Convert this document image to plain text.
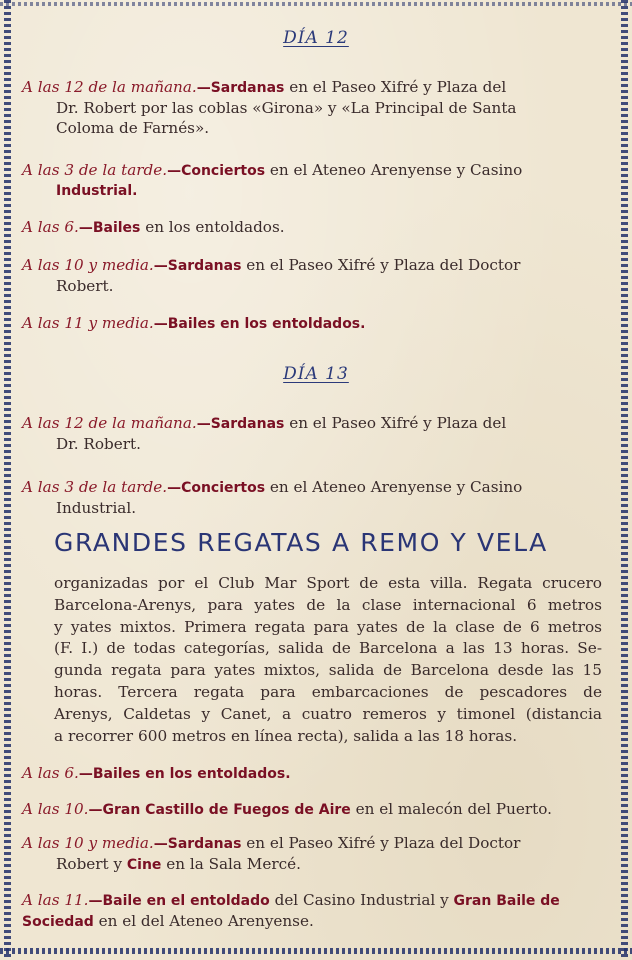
DÍA 12
A las 12 de la mañana.—Sardanas en el Paseo Xifré y Plaza del
Dr. Robert por las coblas «Girona» y «La Principal de Santa
Coloma de Farnés».
A las 3 de la tarde.—Conciertos en el Ateneo Arenyense y Casino
Industrial.
A las 6.—Bailes en los entoldados.
A las 10 y media.—Sardanas en el Paseo Xifré y Plaza del Doctor
Robert.
A las 11 y media.—Bailes en los entoldados.
DÍA 13
A las 12 de la mañana.—Sardanas en el Paseo Xifré y Plaza del
Dr. Robert.
A las 3 de la tarde.—Conciertos en el Ateneo Arenyense y Casino
Industrial.
GRANDES REGATAS A REMO Y VELA
organizadas por el Club Mar Sport de esta villa. Regata crucero
Barcelona-Arenys, para yates de la clase internacional 6 metros
y yates mixtos. Primera regata para yates de la clase de 6 metros
(F. I.) de todas categorías, salida de Barcelona a las 13 horas. Se-
gunda regata para yates mixtos, salida de Barcelona desde las 15
horas. Tercera regata para embarcaciones de pescadores de
Arenys, Caldetas y Canet, a cuatro remeros y timonel (distancia
a recorrer 600 metros en línea recta), salida a las 18 horas.
A las 6.—Bailes en los entoldados.
A las 10.—Gran Castillo de Fuegos de Aire en el malecón del Puerto.
A las 10 y media.—Sardanas en el Paseo Xifré y Plaza del Doctor
Robert y Cine en la Sala Mercé.
A las 11.—Baile en el entoldado del Casino Industrial y Gran Baile de
Sociedad en el del Ateneo Arenyense.
